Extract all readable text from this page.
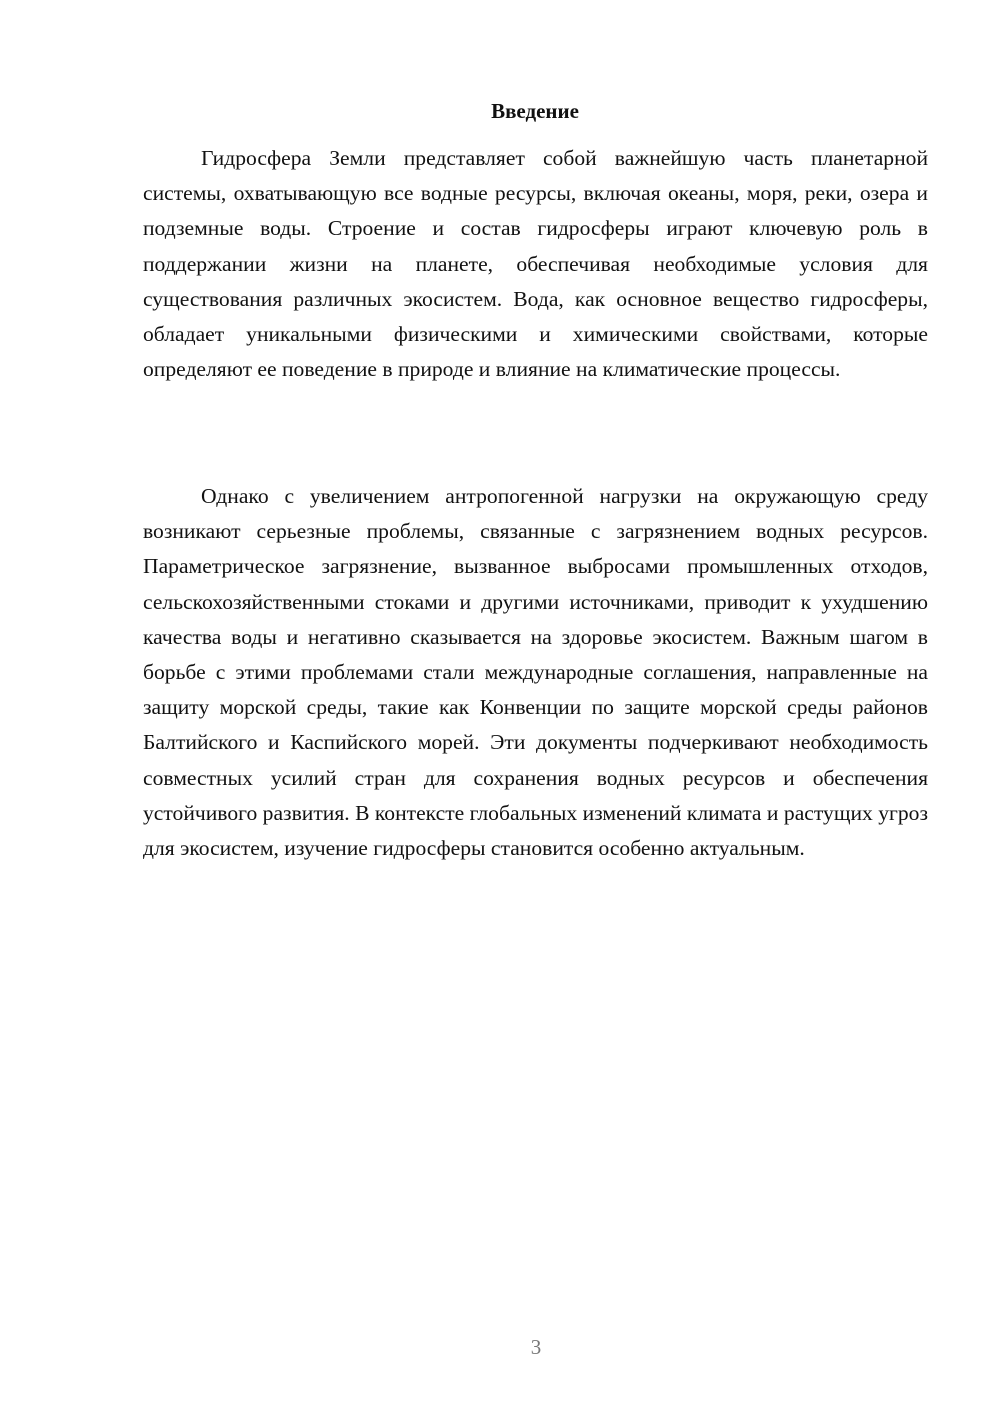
Введение

Гидросфера Земли представляет собой важнейшую часть планетарной системы, охватывающую все водные ресурсы, включая океаны, моря, реки, озера и подземные воды. Строение и состав гидросферы играют ключевую роль в поддержании жизни на планете, обеспечивая необходимые условия для существования различных экосистем. Вода, как основное вещество гидросферы, обладает уникальными физическими и химическими свойствами, которые определяют ее поведение в природе и влияние на климатические процессы.

Однако с увеличением антропогенной нагрузки на окружающую среду возникают серьезные проблемы, связанные с загрязнением водных ресурсов. Параметрическое загрязнение, вызванное выбросами промышленных отходов, сельскохозяйственными стоками и другими источниками, приводит к ухудшению качества воды и негативно сказывается на здоровье экосистем. Важным шагом в борьбе с этими проблемами стали международные соглашения, направленные на защиту морской среды, такие как Конвенции по защите морской среды районов Балтийского и Каспийского морей. Эти документы подчеркивают необходимость совместных усилий стран для сохранения водных ресурсов и обеспечения устойчивого развития. В контексте глобальных изменений климата и растущих угроз для экосистем, изучение гидросферы становится особенно актуальным.

3
